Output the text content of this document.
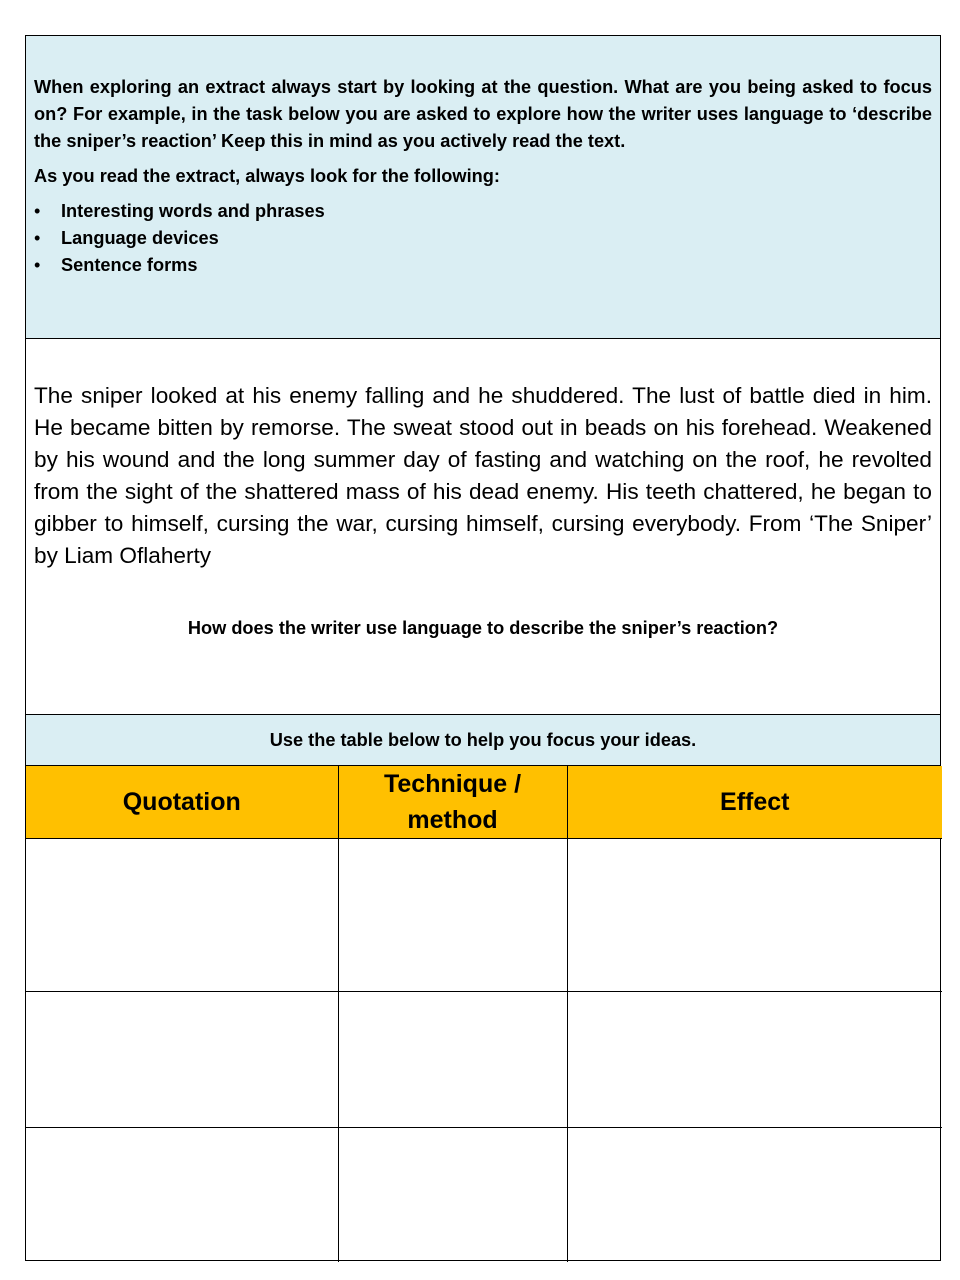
When exploring an extract always start by looking at the question. What are you being asked to focus on? For example, in the task below you are asked to explore how the writer uses language to ‘describe the sniper’s reaction’ Keep this in mind as you actively read the text.

As you read the extract, always look for the following:

• Interesting words and phrases
• Language devices
• Sentence forms

The sniper looked at his enemy falling and he shuddered. The lust of battle died in him. He became bitten by remorse. The sweat stood out in beads on his forehead. Weakened by his wound and the long summer day of fasting and watching on the roof, he revolted from the sight of the shattered mass of his dead enemy. His teeth chattered, he began to gibber to himself, cursing the war, cursing himself, cursing everybody. From ‘The Sniper’ by Liam Oflaherty

How does the writer use language to describe the sniper’s reaction?

Use the table below to help you focus your ideas.
Quotation	Technique / method	Effect
